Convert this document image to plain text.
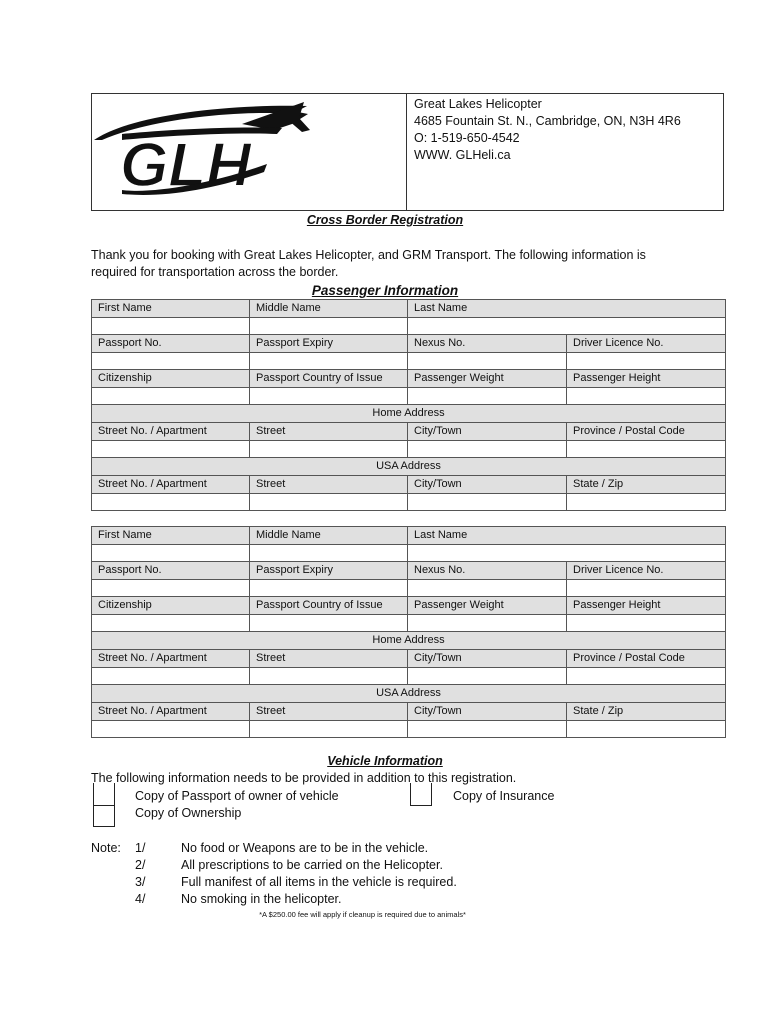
GLH
Great Lakes Helicopter
4685 Fountain St. N., Cambridge, ON, N3H 4R6
O: 1-519-650-4542
WWW. GLHeli.ca
Cross Border Registration
Thank you for booking with Great Lakes Helicopter, and GRM Transport. The following information is
required for transportation across the border.
Passenger Information
First Name	Middle Name	Last Name	

Passport No.	Passport Expiry	Nexus No.	Driver Licence No.

Citizenship	Passport Country of Issue	Passenger Weight	Passenger Height

Home Address			
Street No. / Apartment	Street	City/Town	Province / Postal Code

USA Address			
Street No. / Apartment	Street	City/Town	State / Zip

First Name	Middle Name	Last Name	

Passport No.	Passport Expiry	Nexus No.	Driver Licence No.

Citizenship	Passport Country of Issue	Passenger Weight	Passenger Height

Home Address			
Street No. / Apartment	Street	City/Town	Province / Postal Code

USA Address			
Street No. / Apartment	Street	City/Town	State / Zip

Vehicle Information
The following information needs to be provided in addition to this registration.
Copy of Passport of owner of vehicle	Copy of Insurance
Copy of Ownership
Note: 1/	No food or Weapons are to be in the vehicle.
2/	All prescriptions to be carried on the Helicopter.
3/	Full manifest of all items in the vehicle is required.
4/	No smoking in the helicopter.
*A $250.00 fee will apply if cleanup is required due to animals*
